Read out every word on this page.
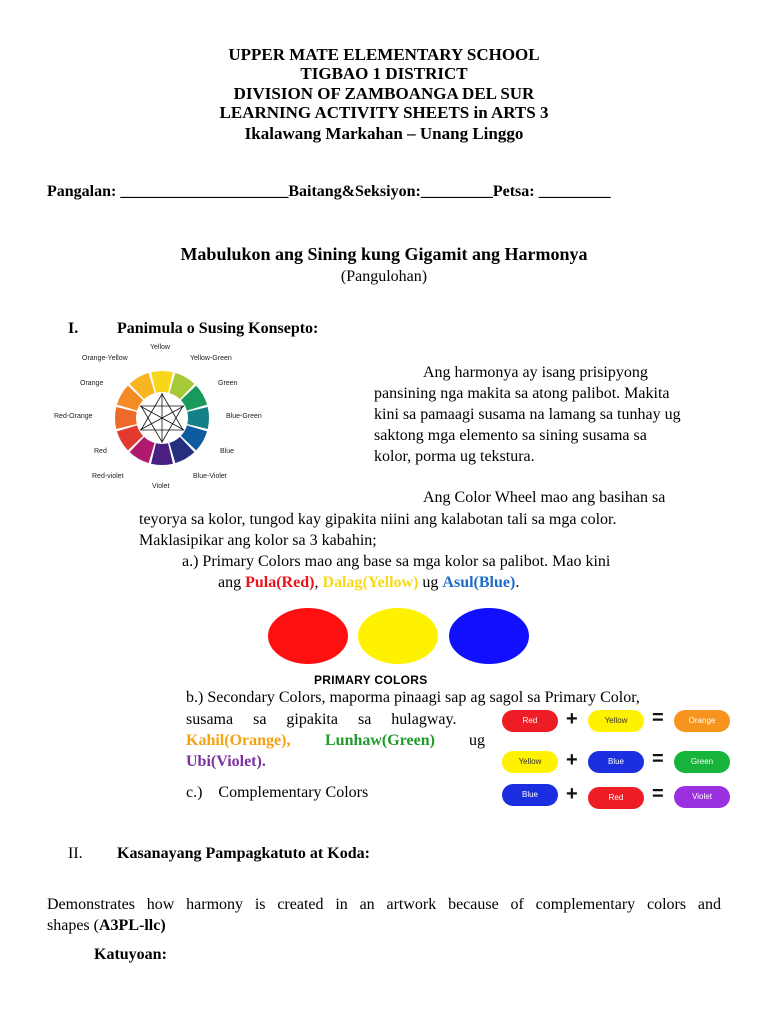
UPPER MATE ELEMENTARY SCHOOL
TIGBAO 1 DISTRICT
DIVISION OF ZAMBOANGA DEL SUR
LEARNING ACTIVITY SHEETS in ARTS 3
Ikalawang Markahan – Unang Linggo
Pangalan: _____________________Baitang&Seksiyon:_________Petsa: _________
Mabulukon ang Sining kung Gigamit ang Harmonya
(Pangulohan)
I. Panimula o Susing Konsepto:
Yellow
Yellow-Green
Green
Blue-Green
Blue
Blue-Violet
Violet
Red-violet
Red
Red-Orange
Orange
Orange-Yellow
Ang harmonya ay isang prisipyong
pansining nga makita sa atong palibot. Makita
kini sa pamaagi susama na lamang sa tunhay ug
saktong mga elemento sa sining susama sa
kolor, porma ug tekstura.
Ang Color Wheel mao ang basihan sa
teyorya sa kolor, tungod kay gipakita niini ang kalabotan tali sa mga color.
Maklasipikar ang kolor sa 3 kabahin;
a.) Primary Colors mao ang base sa mga kolor sa palibot. Mao kini
ang Pula(Red), Dalag(Yellow) ug Asul(Blue).
PRIMARY COLORS
b.) Secondary Colors, maporma pinaagi sap ag sagol sa Primary Color,
susama     sa     gipakita     sa     hulagway.
Kahil(Orange), Lunhaw(Green) ug
Ubi(Violet).
c.)    Complementary Colors
Red	+	Yellow	=	Orange
Yellow	+	Blue	=	Green
Blue	+	Red	=	Violet
II. Kasanayang Pampagkatuto at Koda:
Demonstrates how harmony is created in an artwork because of complementary colors and
shapes (A3PL-llc)
Katuyoan:
